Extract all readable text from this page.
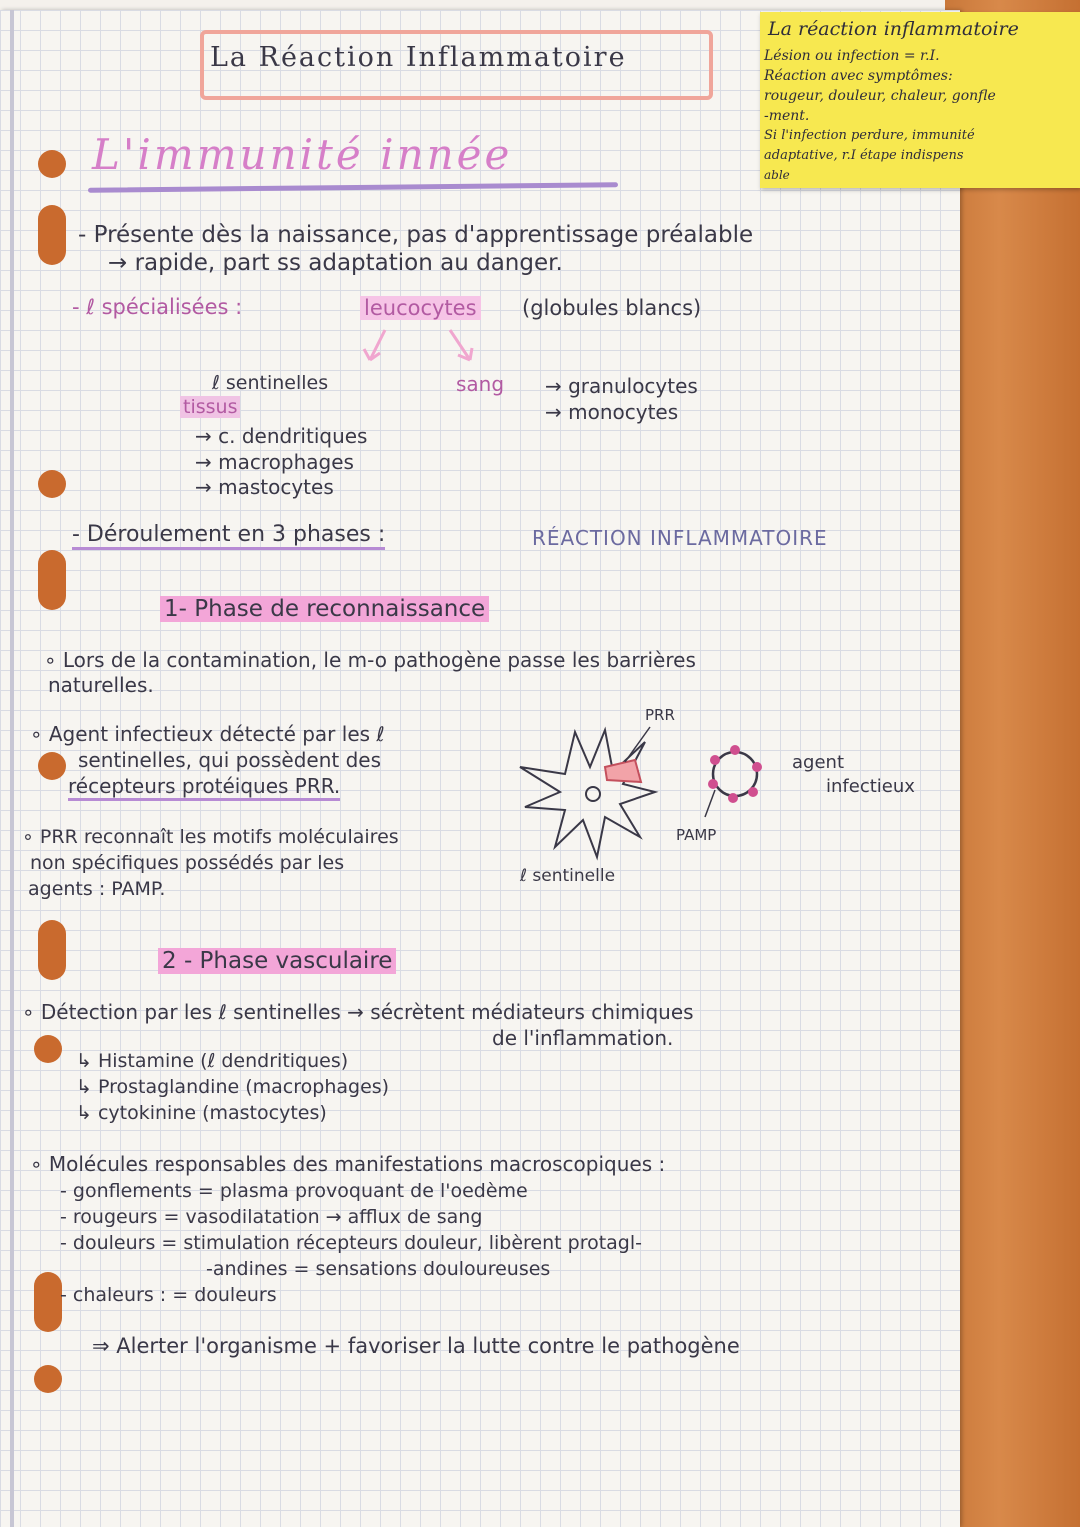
La réaction inflammatoire
Lésion ou infection = r.I.
Réaction avec symptômes:
rougeur, douleur, chaleur, gonfle
-ment.
Si l'infection perdure, immunité
adaptative, r.I étape indispens
able
La Réaction Inflammatoire
L'immunité innée
- Présente dès la naissance, pas d'apprentissage préalable
→ rapide, part ss adaptation au danger.
- ℓ spécialisées :	leucocytes (globules blancs)
ℓ sentinelles
tissus
→ c. dendritiques
→ macrophages
→ mastocytes
sang → granulocytes
→ monocytes
- Déroulement en 3 phases :	RÉACTION INFLAMMATOIRE
1- Phase de reconnaissance
∘ Lors de la contamination, le m-o pathogène passe les barrières
naturelles.
∘ Agent infectieux détecté par les ℓ
sentinelles, qui possèdent des
récepteurs protéiques PRR.
∘ PRR reconnaît les motifs moléculaires
non spécifiques possédés par les
agents : PAMP.
PRR
PAMP
ℓ sentinelle
agent
infectieux
2 - Phase vasculaire
∘ Détection par les ℓ sentinelles → sécrètent médiateurs chimiques
de l'inflammation.
↳ Histamine (ℓ dendritiques)
↳ Prostaglandine (macrophages)
↳ cytokinine (mastocytes)
∘ Molécules responsables des manifestations macroscopiques :
- gonflements = plasma provoquant de l'oedème
- rougeurs = vasodilatation → afflux de sang
- douleurs = stimulation récepteurs douleur, libèrent protagl-
-andines = sensations douloureuses
- chaleurs : = douleurs
⇒ Alerter l'organisme + favoriser la lutte contre le pathogène
